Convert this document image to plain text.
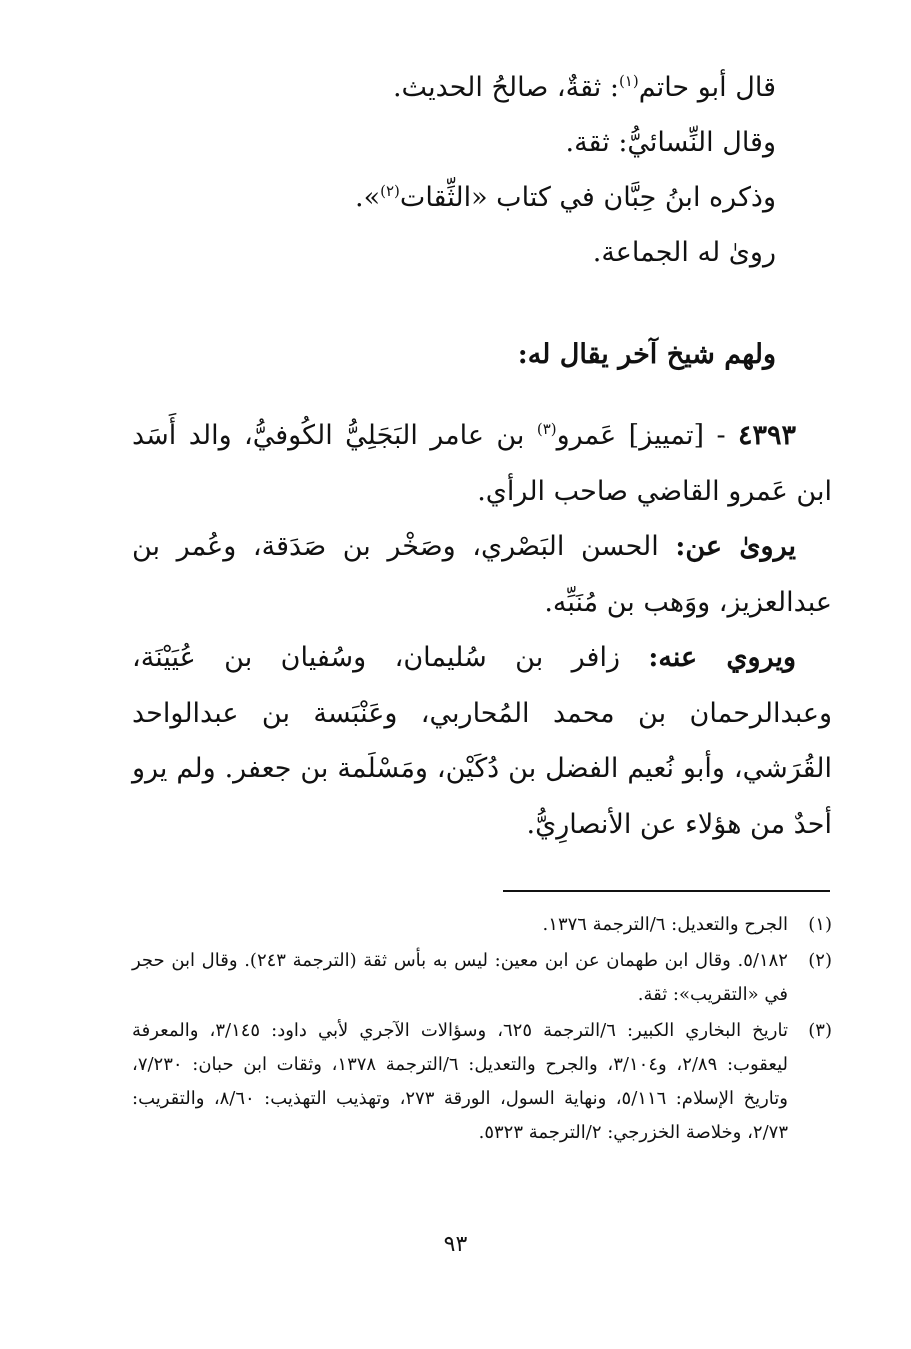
قال أبو حاتم$^{(١)}$: ثقةٌ، صالحُ الحديث.
وقال النِّسائيُّ: ثقة.
وذكره ابنُ حِبَّان في كتاب «الثِّقات$^{(٢)}$».
روىٰ له الجماعة.
ولهم شيخ آخر يقال له:

٤٣٩٣ - [تمييز] عَمرو$^{(٣)}$ بن عامر البَجَلِيُّ الكُوفيُّ، والد أَسَد ابن عَمرو القاضي صاحب الرأي.

يروىٰ عن: الحسن البَصْري، وصَخْر بن صَدَقة، وعُمر بن عبدالعزيز، ووَهب بن مُنَبِّه.

ويروي عنه: زافر بن سُليمان، وسُفيان بن عُيَيْنَة، وعبدالرحمان بن محمد المُحاربي، وعَنْبَسة بن عبدالواحد القُرَشي، وأبو نُعيم الفضل بن دُكَيْن، ومَسْلَمة بن جعفر. ولم يرو أحدٌ من هؤلاء عن الأنصارِيُّ.

(١)
الجرح والتعديل: ٦/الترجمة ١٣٧٦.
(٢)
٥/١٨٢. وقال ابن طهمان عن ابن معين: ليس به بأس ثقة (الترجمة ٢٤٣). وقال ابن حجر في «التقريب»: ثقة.
(٣)
تاريخ البخاري الكبير: ٦/الترجمة ٦٢٥، وسؤالات الآجري لأبي داود: ٣/١٤٥، والمعرفة ليعقوب: ٢/٨٩، و٣/١٠٤، والجرح والتعديل: ٦/الترجمة ١٣٧٨، وثقات ابن حبان: ٧/٢٣٠، وتاريخ الإسلام: ٥/١١٦، ونهاية السول، الورقة ٢٧٣، وتهذيب التهذيب: ٨/٦٠، والتقريب: ٢/٧٣، وخلاصة الخزرجي: ٢/الترجمة ٥٣٢٣.
٩٣
